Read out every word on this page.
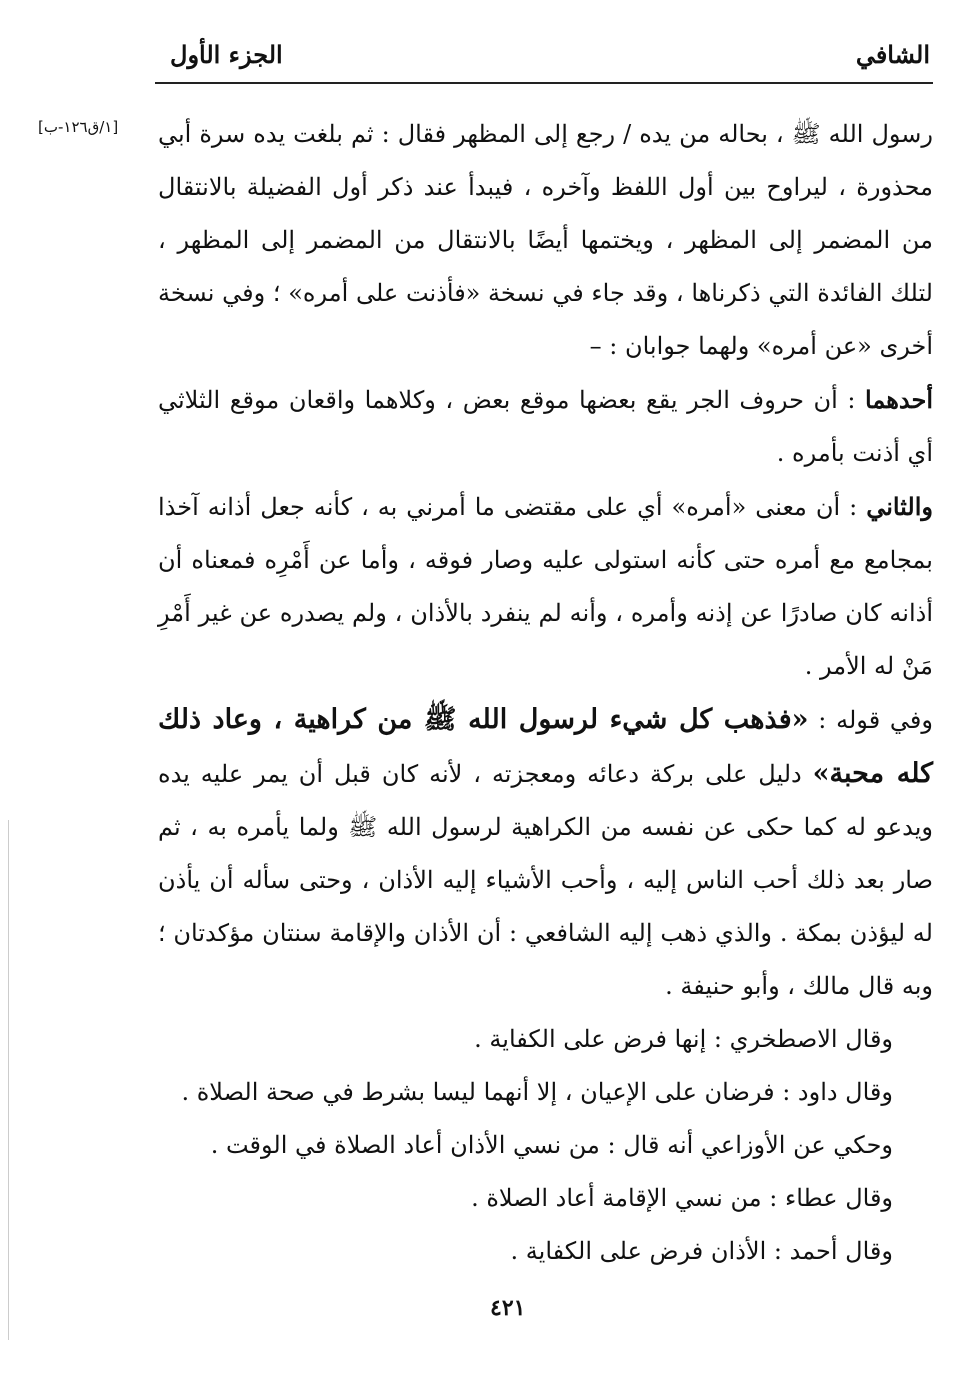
الشافي
الجزء الأول
[١/ق١٢٦-ب] رسول الله ﷺ ، بحاله من يده / رجع إلى المظهر فقال : ثم بلغت يده سرة أبي محذورة ، ليراوح بين أول اللفظ وآخره ، فيبدأ عند ذكر أول الفضيلة بالانتقال من المضمر إلى المظهر ، ويختمها أيضًا بالانتقال من المضمر إلى المظهر ، لتلك الفائدة التي ذكرناها ، وقد جاء في نسخة «فأذنت على أمره» ؛ وفي نسخة أخرى «عن أمره» ولهما جوابان : –

أحدهما : أن حروف الجر يقع بعضها موقع بعض ، وكلاهما واقعان موقع الثلاثي أي أذنت بأمره .

والثاني : أن معنى «أمره» أي على مقتضى ما أمرني به ، كأنه جعل أذانه آخذا بمجامع مع أمره حتى كأنه استولى عليه وصار فوقه ، وأما عن أَمْرِه فمعناه أن أذانه كان صادرًا عن إذنه وأمره ، وأنه لم ينفرد بالأذان ، ولم يصدره عن غير أَمْرِ مَنْ له الأمر .

وفي قوله : «فذهب كل شيء لرسول الله ﷺ من كراهية ، وعاد ذلك كله محبة» دليل على بركة دعائه ومعجزته ، لأنه كان قبل أن يمر عليه يده ويدعو له كما حكى عن نفسه من الكراهية لرسول الله ﷺ ولما يأمره به ، ثم صار بعد ذلك أحب الناس إليه ، وأحب الأشياء إليه الأذان ، وحتى سأله أن يأذن له ليؤذن بمكة . والذي ذهب إليه الشافعي : أن الأذان والإقامة سنتان مؤكدتان ؛ وبه قال مالك ، وأبو حنيفة .

وقال الاصطخري : إنها فرض على الكفاية .

وقال داود : فرضان على الإعيان ، إلا أنهما ليسا بشرط في صحة الصلاة .

وحكي عن الأوزاعي أنه قال : من نسي الأذان أعاد الصلاة في الوقت .

وقال عطاء : من نسي الإقامة أعاد الصلاة .

وقال أحمد : الأذان فرض على الكفاية .

٤٢١
